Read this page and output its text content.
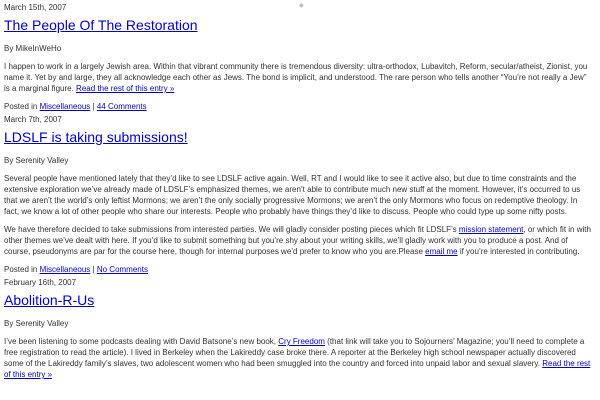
◆
March 15th, 2007
The People Of The Restoration
By MikeInWeHo

I happen to work in a largely Jewish area. Within that vibrant community there is tremendous diversity: ultra-orthodox, Lubavitch, Reform, secular/atheist, Zionist, you name it. Yet by and large, they all acknowledge each other as Jews. The bond is implicit, and understood. The rare person who tells another “You’re not really a Jew” is a marginal figure. Read the rest of this entry »

Posted in Miscellaneous | 44 Comments
March 7th, 2007
LDSLF is taking submissions!
By Serenity Valley

Several people have mentioned lately that they’d like to see LDSLF active again. Well, RT and I would like to see it active also, but due to time constraints and the extensive exploration we’ve already made of LDSLF’s emphasized themes, we aren’t able to contribute much new stuff at the moment. However, it’s occurred to us that we aren’t the world’s only leftist Mormons; we aren’t the only socially progressive Mormons; we aren’t the only Mormons who focus on redemptive theology. In fact, we know a lot of other people who share our interests. People who probably have things they’d like to discuss. People who could type up some nifty posts.

We have therefore decided to take submissions from interested parties. We will gladly consider posting pieces which fit LDSLF’s mission statement, or which fit in with other themes we’ve dealt with here. If you’d like to submit something but you’re shy about your writing skills, we’ll gladly work with you to produce a post. And of course, pseudonyms are par for the course here, though for internal purposes we’d prefer to know who you are.Please email me if you’re interested in contributing.

Posted in Miscellaneous | No Comments
February 16th, 2007
Abolition-R-Us
By Serenity Valley

I’ve been listening to some podcasts dealing with David Batsone’s new book, Cry Freedom (that link will take you to Sojourners’ Magazine; you’ll need to complete a free registration to read the article). I lived in Berkeley when the Lakireddy case broke there. A reporter at the Berkeley high school newspaper actually discovered some of the Lakireddy family’s slaves, two adolescent women who had been smuggled into the country and forced into unpaid labor and sexual slavery. Read the rest of this entry »
